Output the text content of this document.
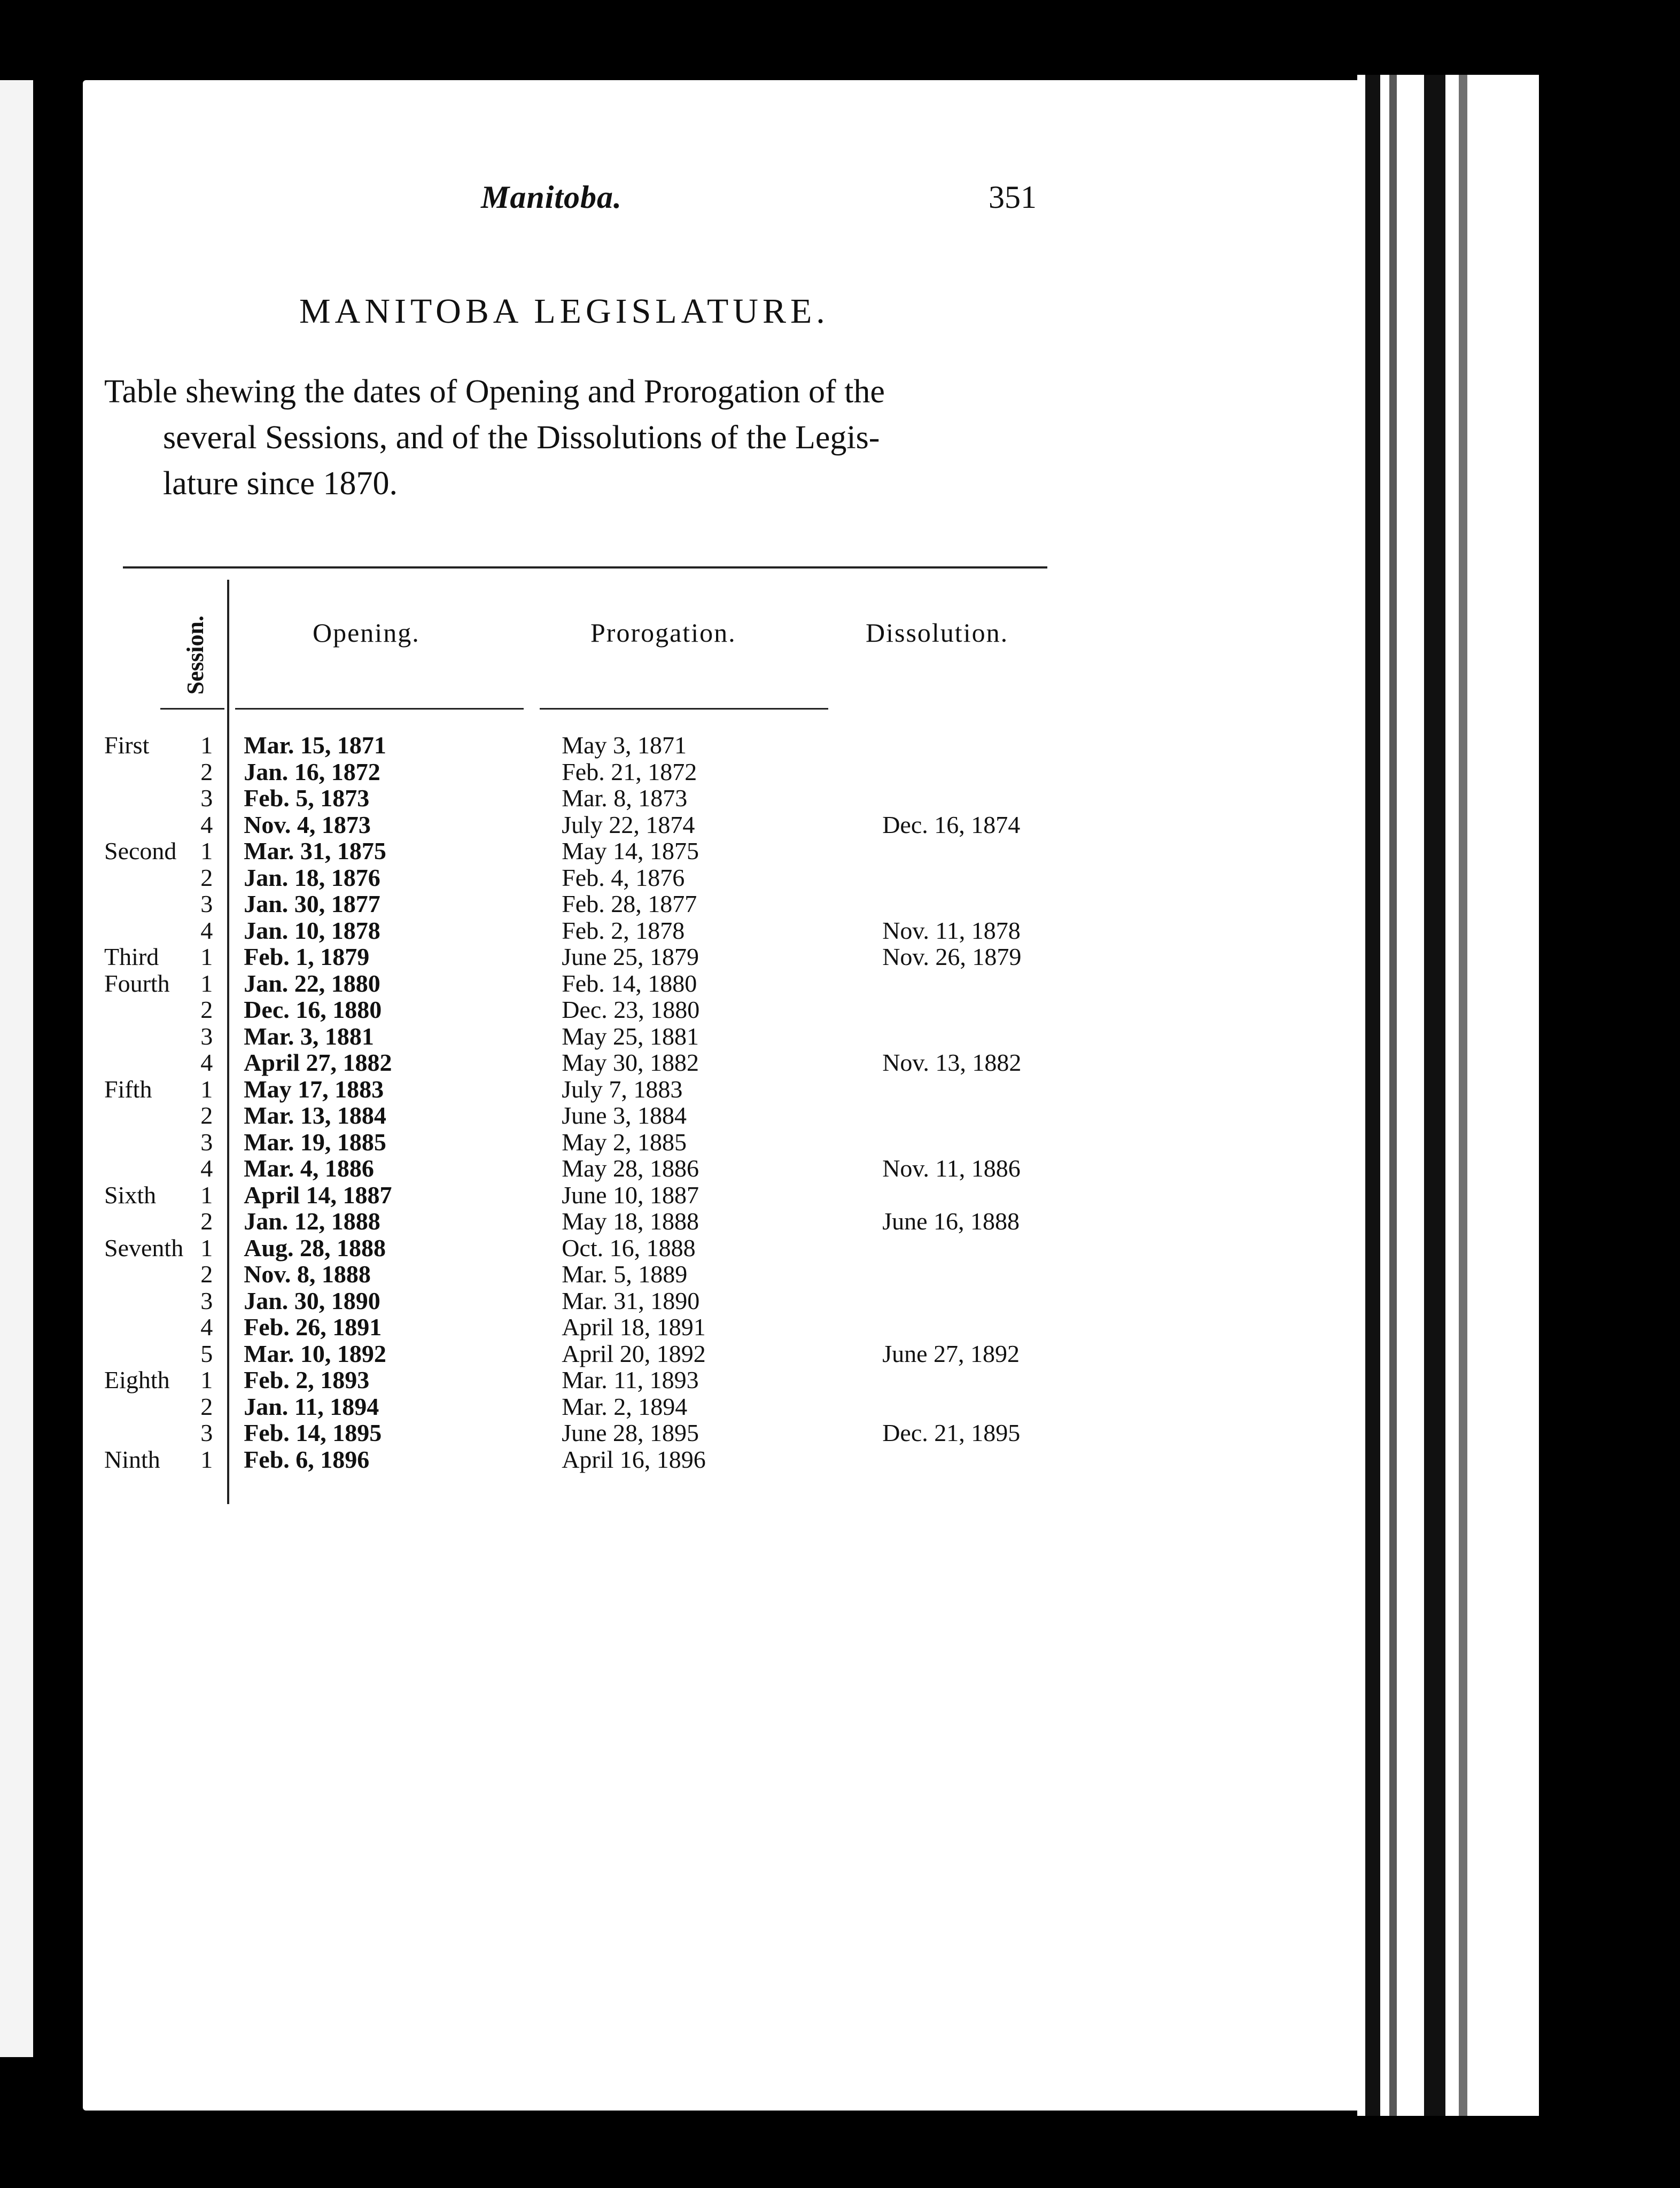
Manitoba.	351
MANITOBA LEGISLATURE.
Table shewing the dates of Opening and Prorogation of the
several Sessions, and of the Dissolutions of the Legis-
lature since 1870.
Session.	Opening.	Prorogation.	Dissolution.
First	1	Mar. 15, 1871	May 3, 1871	
	2	Jan. 16, 1872	Feb. 21, 1872	
	3	Feb. 5, 1873	Mar. 8, 1873	
	4	Nov. 4, 1873	July 22, 1874	Dec. 16, 1874
Second	1	Mar. 31, 1875	May 14, 1875	
	2	Jan. 18, 1876	Feb. 4, 1876	
	3	Jan. 30, 1877	Feb. 28, 1877	
	4	Jan. 10, 1878	Feb. 2, 1878	Nov. 11, 1878
Third	1	Feb. 1, 1879	June 25, 1879	Nov. 26, 1879
Fourth	1	Jan. 22, 1880	Feb. 14, 1880	
	2	Dec. 16, 1880	Dec. 23, 1880	
	3	Mar. 3, 1881	May 25, 1881	
	4	April 27, 1882	May 30, 1882	Nov. 13, 1882
Fifth	1	May 17, 1883	July 7, 1883	
	2	Mar. 13, 1884	June 3, 1884	
	3	Mar. 19, 1885	May 2, 1885	
	4	Mar. 4, 1886	May 28, 1886	Nov. 11, 1886
Sixth	1	April 14, 1887	June 10, 1887	
	2	Jan. 12, 1888	May 18, 1888	June 16, 1888
Seventh	1	Aug. 28, 1888	Oct. 16, 1888	
	2	Nov. 8, 1888	Mar. 5, 1889	
	3	Jan. 30, 1890	Mar. 31, 1890	
	4	Feb. 26, 1891	April 18, 1891	
	5	Mar. 10, 1892	April 20, 1892	June 27, 1892
Eighth	1	Feb. 2, 1893	Mar. 11, 1893	
	2	Jan. 11, 1894	Mar. 2, 1894	
	3	Feb. 14, 1895	June 28, 1895	Dec. 21, 1895
Ninth	1	Feb. 6, 1896	April 16, 1896	
